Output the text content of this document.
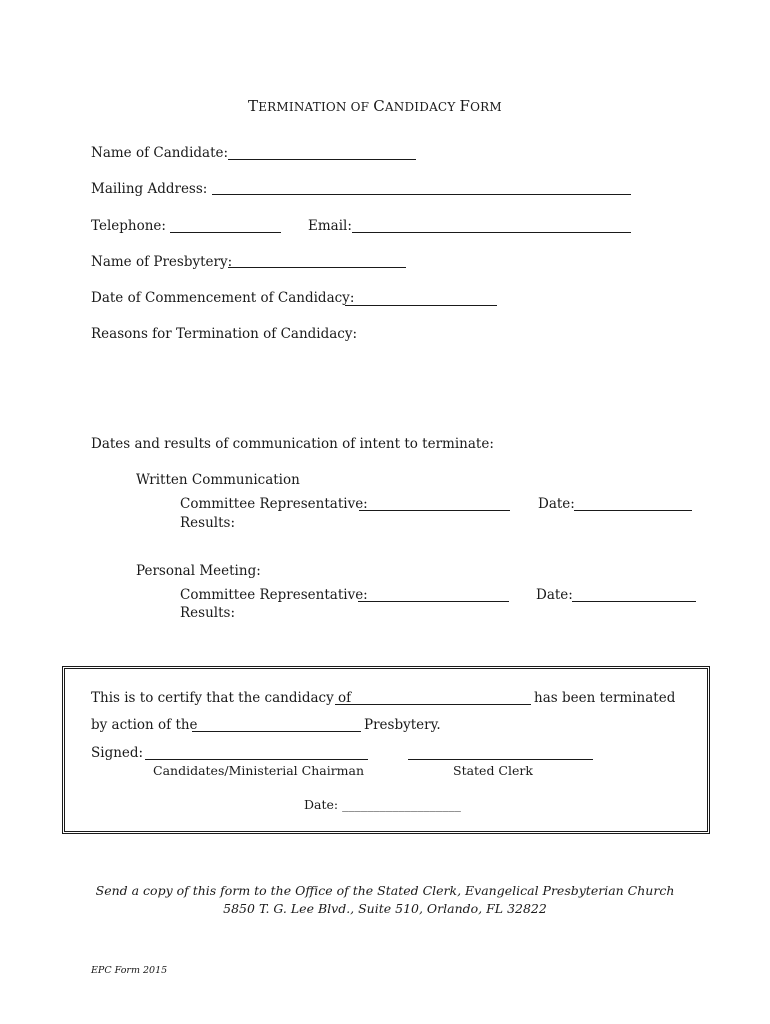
TERMINATION OF CANDIDACY FORM
Name of Candidate:
Mailing Address:
Telephone:	Email:
Name of Presbytery:
Date of Commencement of Candidacy:
Reasons for Termination of Candidacy:
Dates and results of communication of intent to terminate:
Written Communication
Committee Representative:	Date:
Results:
Personal Meeting:
Committee Representative:	Date:
Results:
This is to certify that the candidacy of	has been terminated
by action of the	Presbytery.
Signed:
Candidates/Ministerial Chairman	Stated Clerk
Date: ___________________
Send a copy of this form to the Office of the Stated Clerk, Evangelical Presbyterian Church
5850 T. G. Lee Blvd., Suite 510, Orlando, FL 32822
EPC Form 2015
